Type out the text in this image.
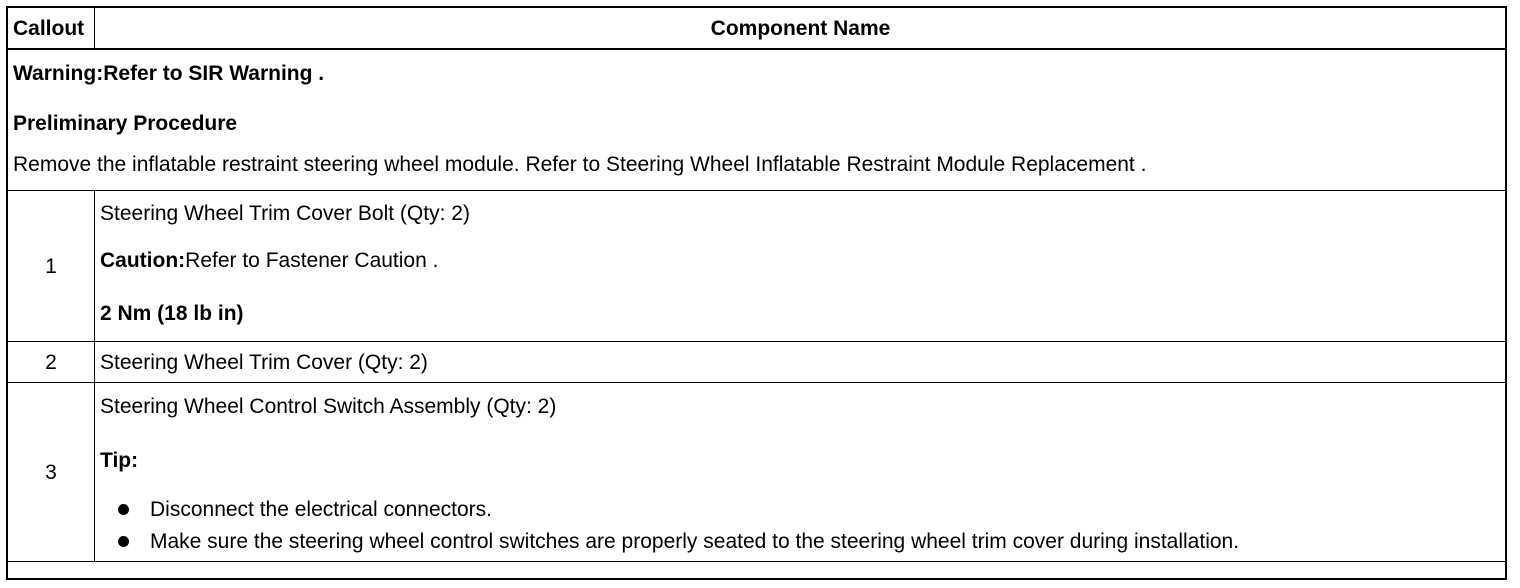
Callout	Component Name

Warning: Refer to SIR Warning .
Preliminary Procedure
Remove the inflatable restraint steering wheel module. Refer to Steering Wheel Inflatable Restraint Module Replacement .	

1	Steering Wheel Trim Cover Bolt (Qty: 2)
Caution: Refer to Fastener Caution .
2 Nm (18 lb in)

2	Steering Wheel Trim Cover (Qty: 2)
3	Steering Wheel Control Switch Assembly (Qty: 2)
Tip:
Disconnect the electrical connectors.
Make sure the steering wheel control switches are properly seated to the steering wheel trim cover during installation.
